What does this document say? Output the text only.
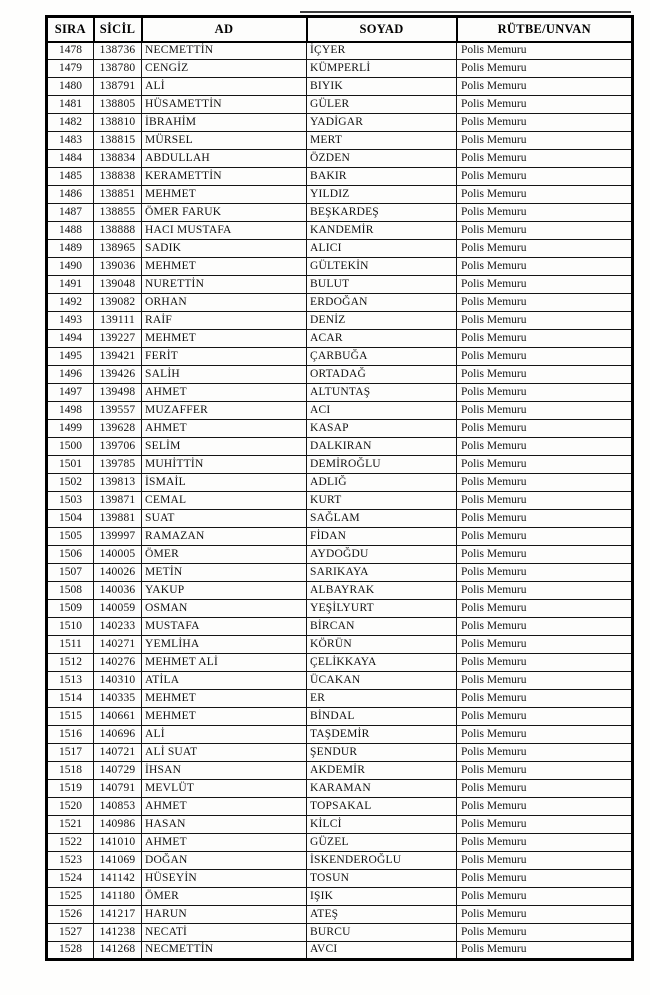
SIRA	SİCİL	AD	SOYAD	RÜTBE/UNVAN
1478	138736	NECMETTİN	İÇYER	Polis Memuru
1479	138780	CENGİZ	KÜMPERLİ	Polis Memuru
1480	138791	ALİ	BIYIK	Polis Memuru
1481	138805	HÜSAMETTİN	GÜLER	Polis Memuru
1482	138810	İBRAHİM	YADİGAR	Polis Memuru
1483	138815	MÜRSEL	MERT	Polis Memuru
1484	138834	ABDULLAH	ÖZDEN	Polis Memuru
1485	138838	KERAMETTİN	BAKIR	Polis Memuru
1486	138851	MEHMET	YILDIZ	Polis Memuru
1487	138855	ÖMER FARUK	BEŞKARDEŞ	Polis Memuru
1488	138888	HACI MUSTAFA	KANDEMİR	Polis Memuru
1489	138965	SADIK	ALICI	Polis Memuru
1490	139036	MEHMET	GÜLTEKİN	Polis Memuru
1491	139048	NURETTİN	BULUT	Polis Memuru
1492	139082	ORHAN	ERDOĞAN	Polis Memuru
1493	139111	RAİF	DENİZ	Polis Memuru
1494	139227	MEHMET	ACAR	Polis Memuru
1495	139421	FERİT	ÇARBUĞA	Polis Memuru
1496	139426	SALİH	ORTADAĞ	Polis Memuru
1497	139498	AHMET	ALTUNTAŞ	Polis Memuru
1498	139557	MUZAFFER	ACI	Polis Memuru
1499	139628	AHMET	KASAP	Polis Memuru
1500	139706	SELİM	DALKIRAN	Polis Memuru
1501	139785	MUHİTTİN	DEMİROĞLU	Polis Memuru
1502	139813	İSMAİL	ADLIĞ	Polis Memuru
1503	139871	CEMAL	KURT	Polis Memuru
1504	139881	SUAT	SAĞLAM	Polis Memuru
1505	139997	RAMAZAN	FİDAN	Polis Memuru
1506	140005	ÖMER	AYDOĞDU	Polis Memuru
1507	140026	METİN	SARIKAYA	Polis Memuru
1508	140036	YAKUP	ALBAYRAK	Polis Memuru
1509	140059	OSMAN	YEŞİLYURT	Polis Memuru
1510	140233	MUSTAFA	BİRCAN	Polis Memuru
1511	140271	YEMLİHA	KÖRÜN	Polis Memuru
1512	140276	MEHMET ALİ	ÇELİKKAYA	Polis Memuru
1513	140310	ATİLA	ÜCAKAN	Polis Memuru
1514	140335	MEHMET	ER	Polis Memuru
1515	140661	MEHMET	BİNDAL	Polis Memuru
1516	140696	ALİ	TAŞDEMİR	Polis Memuru
1517	140721	ALİ SUAT	ŞENDUR	Polis Memuru
1518	140729	İHSAN	AKDEMİR	Polis Memuru
1519	140791	MEVLÜT	KARAMAN	Polis Memuru
1520	140853	AHMET	TOPSAKAL	Polis Memuru
1521	140986	HASAN	KİLCİ	Polis Memuru
1522	141010	AHMET	GÜZEL	Polis Memuru
1523	141069	DOĞAN	İSKENDEROĞLU	Polis Memuru
1524	141142	HÜSEYİN	TOSUN	Polis Memuru
1525	141180	ÖMER	IŞIK	Polis Memuru
1526	141217	HARUN	ATEŞ	Polis Memuru
1527	141238	NECATİ	BURCU	Polis Memuru
1528	141268	NECMETTİN	AVCI	Polis Memuru
